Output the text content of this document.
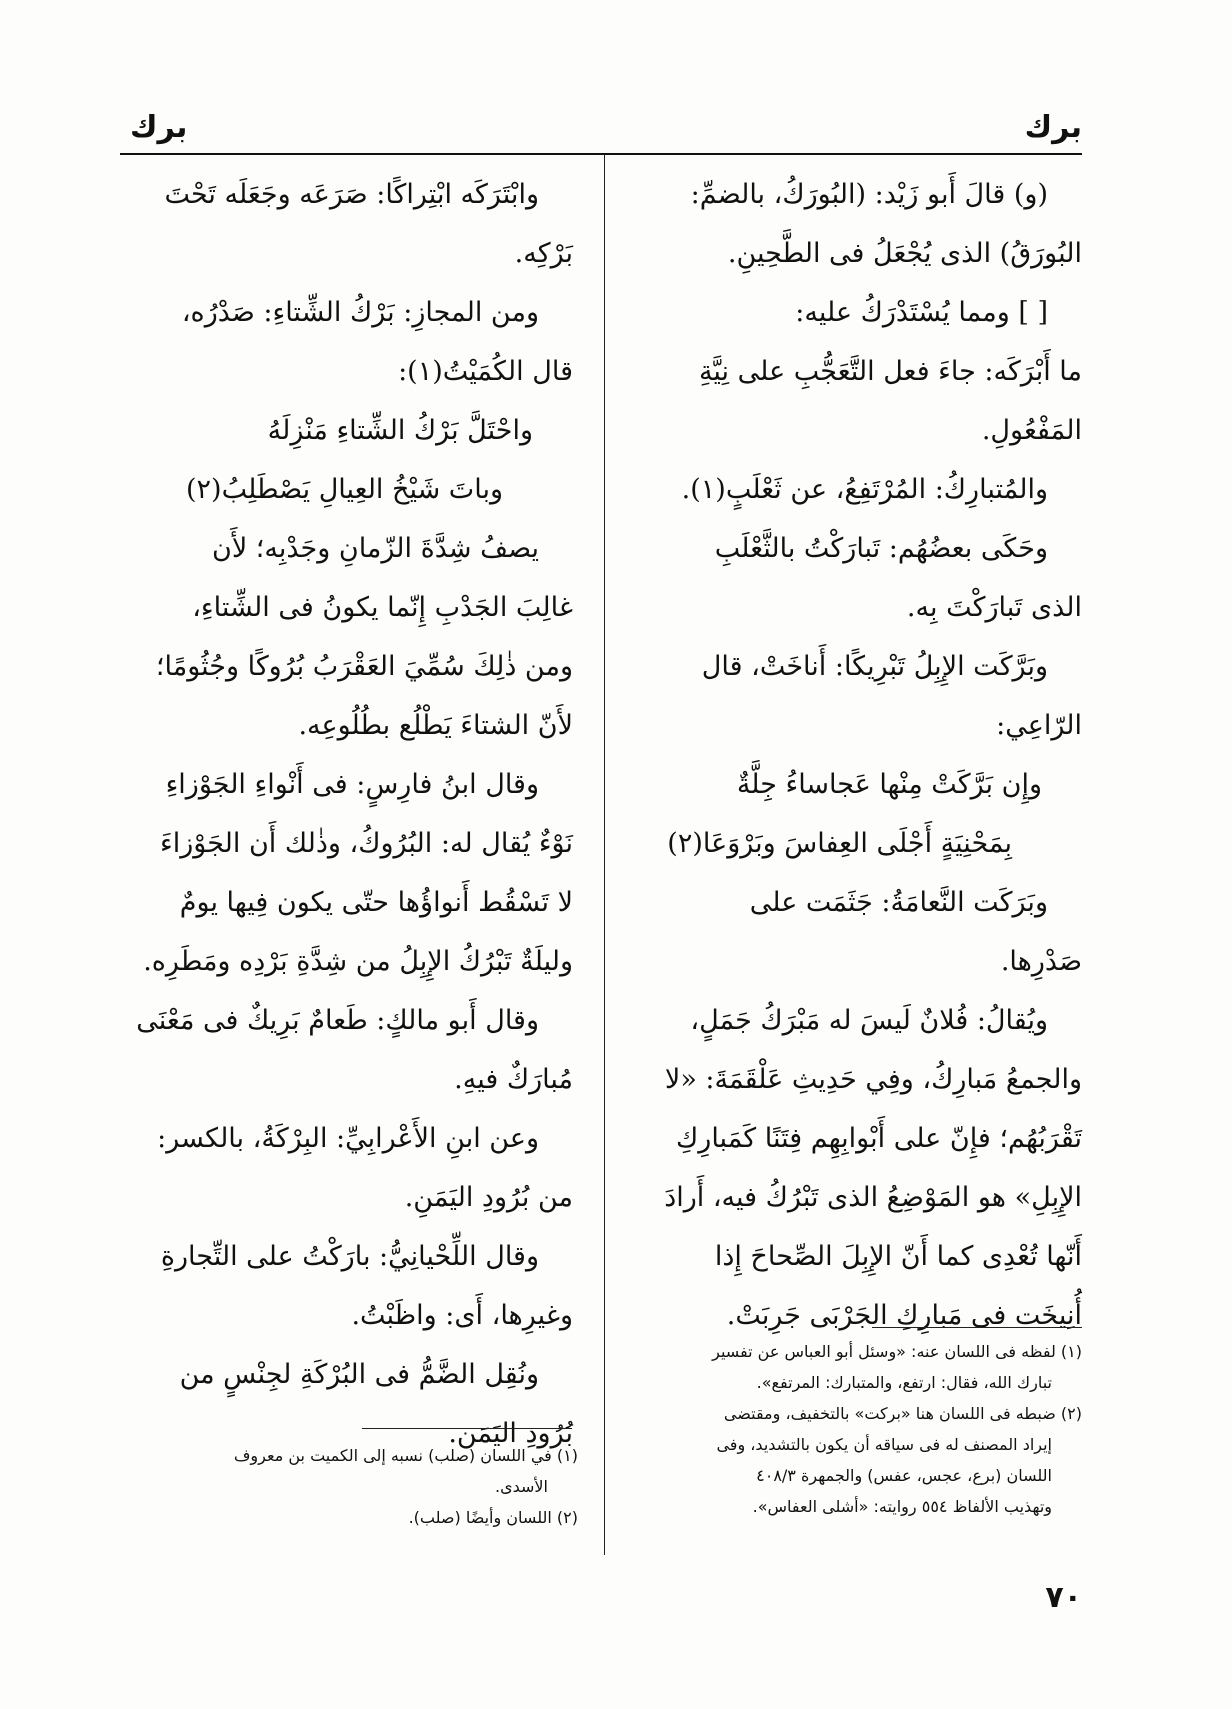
برك
برك

(و) قالَ أَبو زَيْد: (البُورَكُ، بالضمِّ:

البُورَقُ) الذى يُجْعَلُ فى الطَّحِينِ.

[ ] ومما يُسْتَدْرَكُ عليه:

ما أَبْرَكَه: جاءَ فعل التَّعَجُّبِ على نِيَّةِ

المَفْعُولِ.

والمُتبارِكُ: المُرْتَفِعُ، عن ثَعْلَبٍ(١).

وحَكَى بعضُهُم: تَبارَكْتُ بالثَّعْلَبِ

الذى تَبارَكْتَ بِه.

وبَرَّكَت الإِبِلُ تَبْرِيكًا: أَناخَتْ، قال

الرّاعِي:

وإِن بَرَّكَتْ مِنْها عَجاساءُ جِلَّةٌ

بِمَحْنِيَةٍ أَجْلَى العِفاسَ وبَرْوَعَا(٢)

وبَرَكَت النَّعامَةُ: جَثَمَت على

صَدْرِها.

ويُقالُ: فُلانٌ لَيسَ له مَبْرَكُ جَمَلٍ،

والجمعُ مَبارِكُ، وفِي حَدِيثِ عَلْقَمَةَ: «لا

تَقْرَبُهُم؛ فإِنّ على أَبْوابِهِم فِتَنًا كَمَبارِكِ

الإِبِلِ» هو المَوْضِعُ الذى تَبْرُكُ فيه، أَرادَ

أَنّها تُعْدِى كما أَنّ الإِبِلَ الصِّحاحَ إِذا

أُنِيخَت فى مَبارِكِ الجَرْبَى جَرِبَتْ.

وابْتَرَكَه ابْتِراكًا: صَرَعَه وجَعَلَه تَحْتَ

بَرْكِه.

ومن المجازِ: بَرْكُ الشِّتاءِ: صَدْرُه،

قال الكُمَيْتُ(١):

واحْتَلَّ بَرْكُ الشِّتاءِ مَنْزِلَهُ

وباتَ شَيْخُ العِيالِ يَصْطَلِبُ(٢)

يصفُ شِدَّةَ الزّمانِ وجَدْبِه؛ لأَن

غالِبَ الجَدْبِ إِنّما يكونُ فى الشِّتاءِ،

ومن ذٰلِكَ سُمِّيَ العَقْرَبُ بُرُوكًا وجُثُومًا؛

لأَنّ الشتاءَ يَطْلُع بطُلُوعِه.

وقال ابنُ فارِسٍ: فى أَنْواءِ الجَوْزاءِ

نَوْءٌ يُقال له: البُرُوكُ، وذٰلك أَن الجَوْزاءَ

لا تَسْقُط أَنواؤُها حتّى يكون فِيها يومٌ

وليلَةٌ تَبْرُكُ الإِبِلُ من شِدَّةِ بَرْدِه ومَطَرِه.

وقال أَبو مالكٍ: طَعامٌ بَرِيكٌ فى مَعْنَى

مُبارَكٌ فيهِ.

وعن ابنِ الأَعْرابِيِّ: البِرْكَةُ، بالكسر:

من بُرُودِ اليَمَنِ.

وقال اللِّحْيانِيُّ: بارَكْتُ على التِّجارةِ

وغيرِها، أَى: واظَبْتُ.

ونُقِل الضَّمُّ فى البُرْكَةِ لجِنْسٍ من

بُرُودِ اليَمَن.

(١) لفظه فى اللسان عنه: «وسئل أبو العباس عن تفسير

تبارك الله، فقال: ارتفع، والمتبارك: المرتفع».

(٢) ضبطه فى اللسان هنا «بركت» بالتخفيف، ومقتضى

إيراد المصنف له فى سياقه أن يكون بالتشديد، وفى

اللسان (برع، عجس، عفس) والجمهرة ٤٠٨/٣

وتهذيب الألفاظ ٥٥٤ روايته: «أشلى العفاس».

(١) في اللسان (صلب) نسبه إلى الكميت بن معروف

الأسدى.

(٢) اللسان وأيضًا (صلب).

٧٠
